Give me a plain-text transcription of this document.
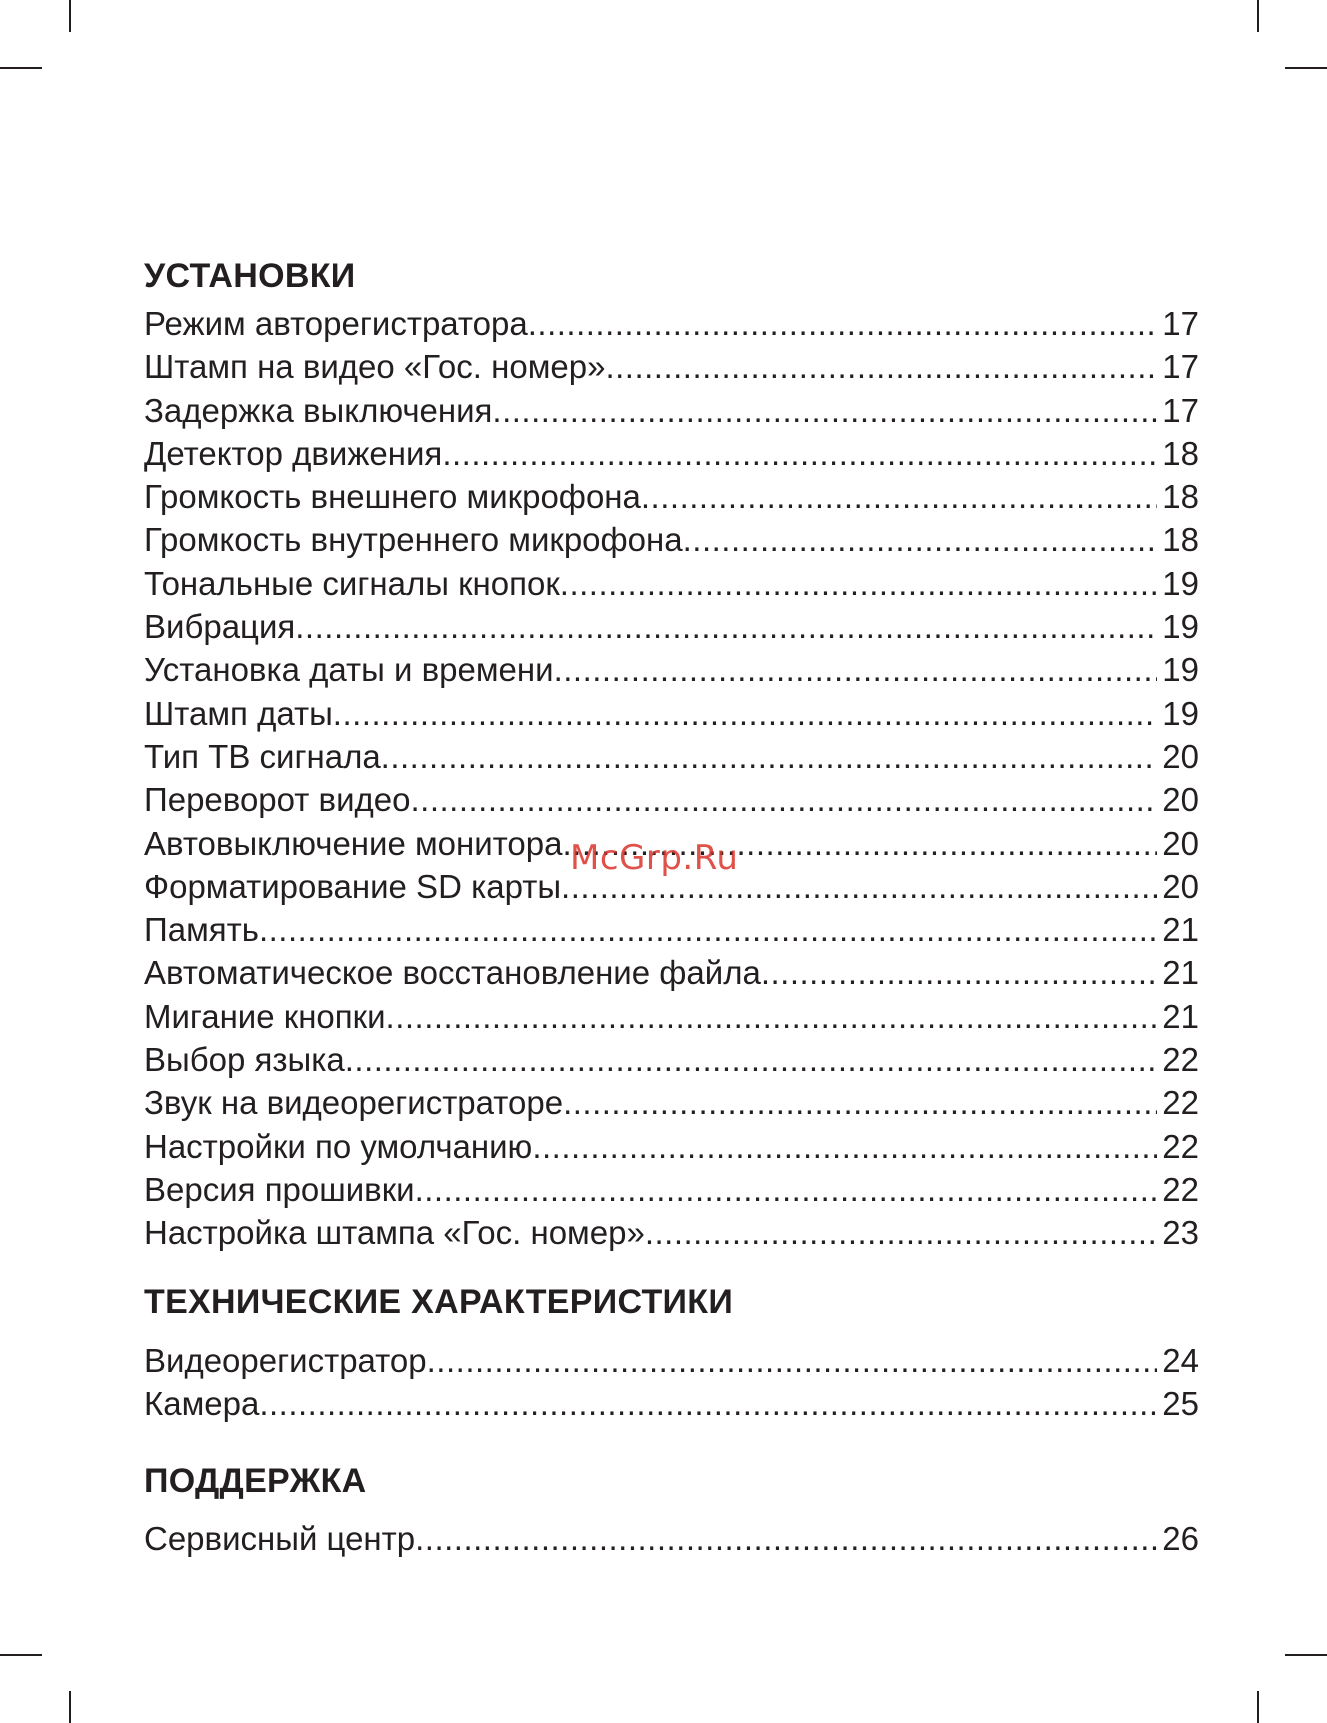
УСТАНОВКИ
Режим авторегистратора .....	17
Штамп на видео «Гос. номер» .....	17
Задержка выключения .....	17
Детектор движения .....	18
Громкость внешнего микрофона .....	18
Громкость внутреннего микрофона .....	18
Тональные сигналы кнопок .....	19
Вибрация .....	19
Установка даты и времени .....	19
Штамп даты .....	19
Тип ТВ сигнала .....	20
Переворот видео .....	20
Автовыключение монитора .....	20
Форматирование SD карты .....	20
Память .....	21
Автоматическое восстановление файла .....	21
Мигание кнопки .....	21
Выбор языка .....	22
Звук на видеорегистраторе .....	22
Настройки по умолчанию .....	22
Версия прошивки .....	22
Настройка штампа «Гос. номер» .....	23
ТЕХНИЧЕСКИЕ ХАРАКТЕРИСТИКИ
Видеорегистратор .....	24
Камера .....	25
ПОДДЕРЖКА
Сервисный центр .....	26
McGrp.Ru
